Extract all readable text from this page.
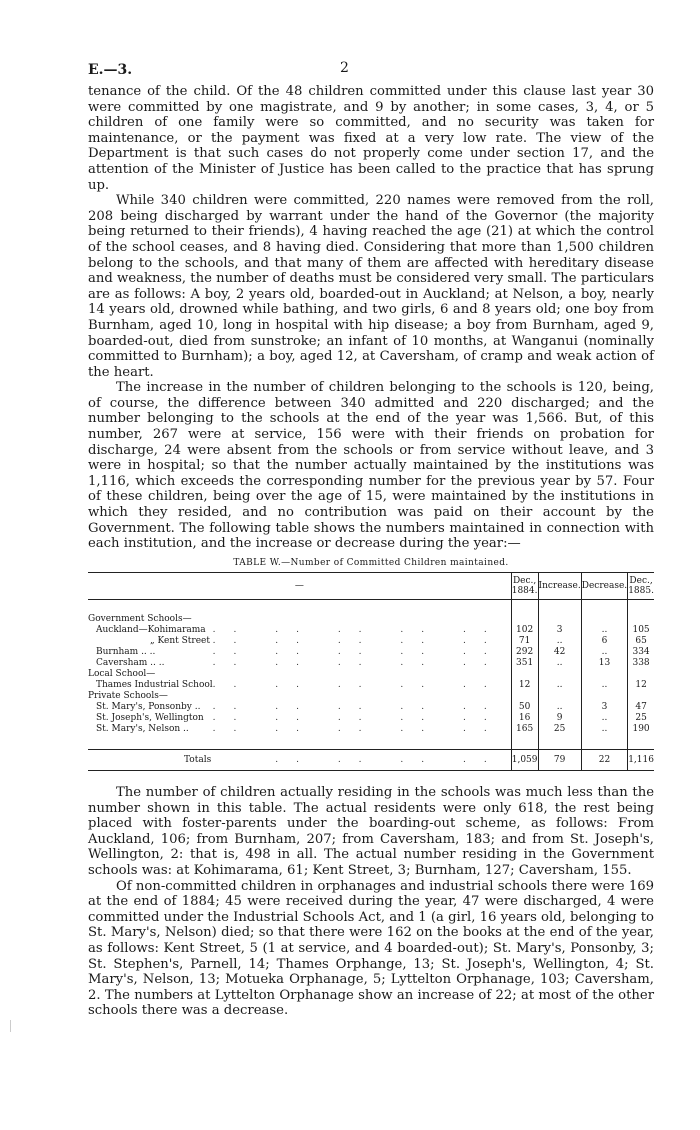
E.—3.	2

tenance of the child. Of the 48 children committed under this clause last year 30 were committed by one magistrate, and 9 by another; in some cases, 3, 4, or 5 children of one family were so committed, and no security was taken for maintenance, or the payment was fixed at a very low rate. The view of the Department is that such cases do not properly come under section 17, and the attention of the Minister of Justice has been called to the practice that has sprung up.

While 340 children were committed, 220 names were removed from the roll, 208 being discharged by warrant under the hand of the Governor (the majority being returned to their friends), 4 having reached the age (21) at which the control of the school ceases, and 8 having died. Considering that more than 1,500 children belong to the schools, and that many of them are affected with hereditary disease and weakness, the number of deaths must be considered very small. The particulars are as follows: A boy, 2 years old, boarded-out in Auckland; at Nelson, a boy, nearly 14 years old, drowned while bathing, and two girls, 6 and 8 years old; one boy from Burnham, aged 10, long in hospital with hip disease; a boy from Burnham, aged 9, boarded-out, died from sunstroke; an infant of 10 months, at Wanganui (nominally committed to Burnham); a boy, aged 12, at Caversham, of cramp and weak action of the heart.

The increase in the number of children belonging to the schools is 120, being, of course, the difference between 340 admitted and 220 discharged; and the number belonging to the schools at the end of the year was 1,566. But, of this number, 267 were at service, 156 were with their friends on probation for discharge, 24 were absent from the schools or from service without leave, and 3 were in hospital; so that the number actually maintained by the institutions was 1,116, which exceeds the corresponding number for the previous year by 57. Four of these children, being over the age of 15, were maintained by the institutions in which they resided, and no contribution was paid on their account by the Government. The following table shows the numbers maintained in connection with each institution, and the increase or decrease during the year:—

TABLE W.—Number of Committed Children maintained.
—	Dec., 1884.	Increase.	Decrease.	Dec., 1885.

Government Schools—				

Auckland—Kohimarama .. .. .. .. ..	102	3	..	105

„ Kent Street .. .. .. .. ..	71	..	6	65

Burnham .. .. .. .. .. .. ..	292	42	..	334

Caversham .. .. .. .. .. .. ..	351	..	13	338

Local School—				

Thames Industrial School .. .. .. .. ..	12	..	..	12

Private Schools—				

St. Mary's, Ponsonby .. .. .. .. .. ..	50	..	3	47

St. Joseph's, Wellington .. .. .. .. ..	16	9	..	25

St. Mary's, Nelson .. .. .. .. .. ..	165	25	..	190

Totals .. .. .. ..	1,059	79	22	1,116

The number of children actually residing in the schools was much less than the number shown in this table. The actual residents were only 618, the rest being placed with foster-parents under the boarding-out scheme, as follows: From Auckland, 106; from Burnham, 207; from Caversham, 183; and from St. Joseph's, Wellington, 2: that is, 498 in all. The actual number residing in the Government schools was: at Kohimarama, 61; Kent Street, 3; Burnham, 127; Caversham, 155.

Of non-committed children in orphanages and industrial schools there were 169 at the end of 1884; 45 were received during the year, 47 were discharged, 4 were committed under the Industrial Schools Act, and 1 (a girl, 16 years old, belonging to St. Mary's, Nelson) died; so that there were 162 on the books at the end of the year, as follows: Kent Street, 5 (1 at service, and 4 boarded-out); St. Mary's, Ponsonby, 3; St. Stephen's, Parnell, 14; Thames Orphange, 13; St. Joseph's, Wellington, 4; St. Mary's, Nelson, 13; Motueka Orphanage, 5; Lyttelton Orphanage, 103; Caversham, 2. The numbers at Lyttelton Orphanage show an increase of 22; at most of the other schools there was a decrease.
